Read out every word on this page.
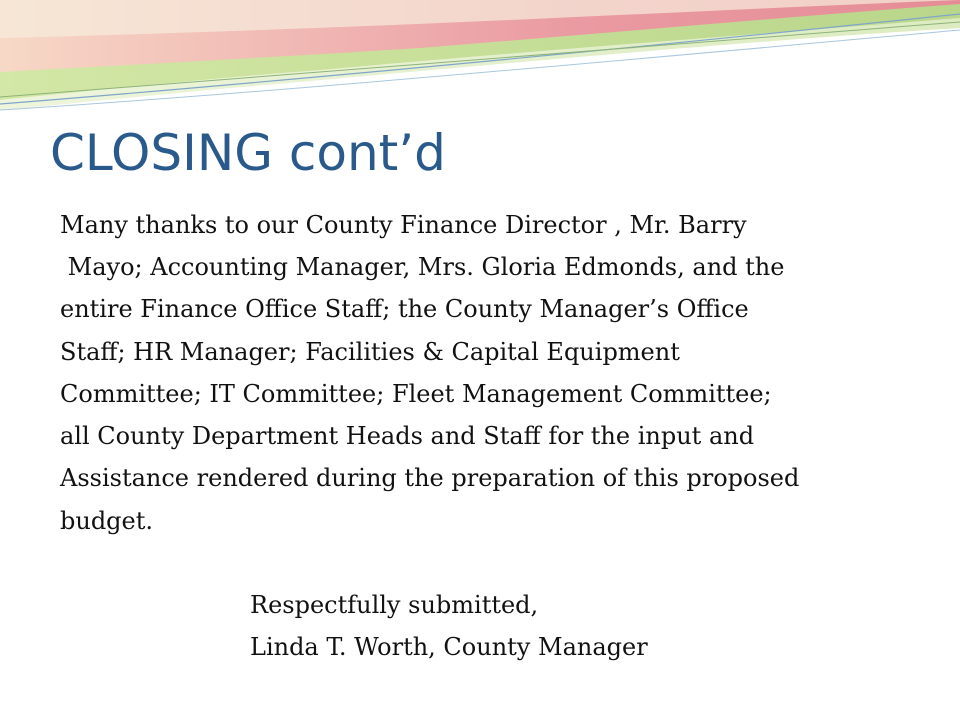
CLOSING cont’d

Many thanks to our County Finance Director , Mr. Barry

Mayo; Accounting Manager, Mrs. Gloria Edmonds, and the

entire Finance Office Staff; the County Manager’s Office

Staff; HR Manager; Facilities & Capital Equipment

Committee; IT Committee; Fleet Management Committee;

all County Department Heads and Staff for the input and

Assistance rendered during the preparation of this proposed

budget.

Respectfully submitted,

Linda T. Worth, County Manager
